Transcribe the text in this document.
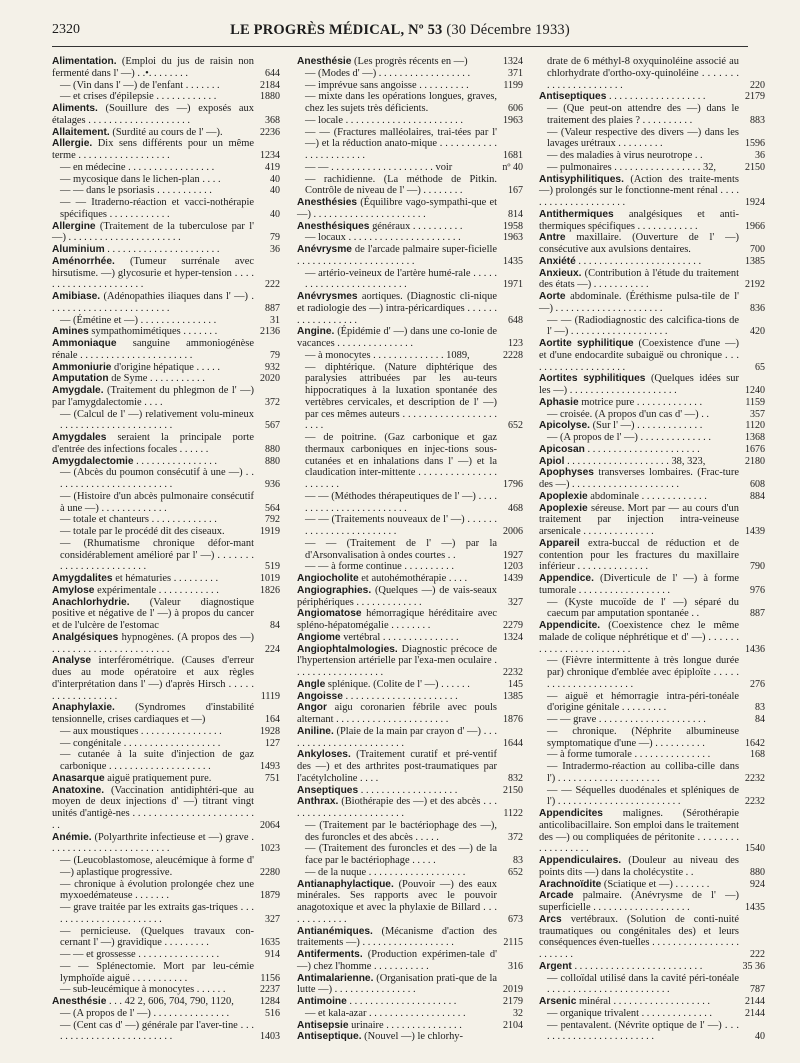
2320	LE PROGRÈS MÉDICAL, Nº 53 (30 Décembre 1933)
Alimentation. (Emploi du jus de raisin non fermenté dans l' —) . .•. . . . . . . .	644
— (Vin dans l' —) de l'enfant . . . . . . .	2184
— et crises d'épilepsie . . . . . . . . . . . .	1880
Aliments. (Souillure des —) exposés aux étalages . . . . . . . . . . . . . . . . . . . .	368
Allaitement. (Surdité au cours de l' —).	2236
Allergie. Dix sens différents pour un même terme . . . . . . . . . . . . . . . . . .	1234
— en médecine . . . . . . . . . . . . . . . . .	419
— mycosique dans le lichen-plan . . . .	40
— — dans le psoriasis . . . . . . . . . . .	40
— — Itraderno-réaction et vacci-nothérapie spécifiques . . . . . . . . . . . .	40
Allergine (Traitement de la tuberculose par l' —) . . . . . . . . . . . . . . . . . . . . . .	79
Aluminium . . . . . . . . . . . . . . . . . . . . . .	36
Aménorrhée. (Tumeur surrénale avec hirsutisme. —) glycosurie et hyper-tension . . . . . . . . . . . . . . . . . . . . . .	222
Amibiase. (Adénopathies iliaques dans l' —) . . . . . . . . . . . . . . . . . . . . . . . .	887
— (Émétine et —) . . . . . . . . . . . . . . .	31
Amines sympathomimétiques . . . . . . .	2136
Ammoniaque sanguine ammoniogénèse rénale . . . . . . . . . . . . . . . . . . . . . .	79
Ammoniurie d'origine hépatique . . . . .	932
Amputation de Syme . . . . . . . . . . .	2020
Amygdale. (Traitement du phlegmon de l' —) par l'amygdalectomie . . . .	372
— (Calcul de l' —) relativement volu-mineux . . . . . . . . . . . . . . . . . . . . . .	567
Amygdales seraient la principale porte d'entrée des infections focales . . . . . .	880
Amygdalectomie . . . . . . . . . . . . . . . .	880
— (Abcès du poumon consécutif à une —) . . . . . . . . . . . . . . . . . . . . . . . .	936
— (Histoire d'un abcès pulmonaire consécutif à une —) . . . . . . . . . . . . .	564
— totale et chanteurs . . . . . . . . . . . . .	792
— totale par le procédé dit des ciseaux.	1919
— (Rhumatisme chronique défor-mant considérablement amélioré par l' —) . . . . . . . . . . . . . . . . . . . . . . . .	519
Amygdalites et hématuries . . . . . . . . .	1019
Amylose expérimentale . . . . . . . . . . . .	1826
Anachlorhydrie. (Valeur diagnostique positive et négative de l' —) à propos du cancer et de l'ulcère de l'estomac	84
Analgésiques hypnogènes. (A propos des —) . . . . . . . . . . . . . . . . . . . . . . .	224
Analyse interférométrique. (Causes d'erreur dues au mode opératoire et aux règles d'interprétation dans l' —) d'après Hirsch . . . . . . . . . . . . . . . . . .	1119
Anaphylaxie. (Syndromes d'instabilité tensionnelle, crises cardiaques et —)	164
— aux moustiques . . . . . . . . . . . . . . . .	1928
— congénitale . . . . . . . . . . . . . . . . . . .	127
— cutanée à la suite d'injection de gaz carbonique . . . . . . . . . . . . . . . . . . . .	1493
Anasarque aiguë pratiquement pure.	751
Anatoxine. (Vaccination antidiphtéri-que au moyen de deux injections d' —) titrant vingt unités d'antigè-nes . . . . . . . . . . . . . . . . . . . . . . . . .	2064
Anémie. (Polyarthrite infectieuse et —) grave . . . . . . . . . . . . . . . . . . . . . . . .	1023
— (Leucoblastomose, aleucémique à forme d' —) aplastique progressive.	2280
— chronique à évolution prolongée chez une myxoedémateuse . . . . . . .	1879
— grave traitée par les extraits gas-triques . . . . . . . . . . . . . . . . . . . . . . .	327
— pernicieuse. (Quelques travaux con-cernant l' —) gravidique . . . . . . . . .	1635
— — et grossesse . . . . . . . . . . . . . . . .	914
— — Splénectomie. Mort par leu-cémie lymphoïde aiguë . . . . . . . . . . .	1156
— sub-leucémique à monocytes . . . . . .	2237
Anesthésie . . . 42 2, 606, 704, 790, 1120,	1284
— (A propos de l' —) . . . . . . . . . . . . . . .	516
— (Cent cas d' —) générale par l'aver-tine . . . . . . . . . . . . . . . . . . . . . . . . .	1403
Anesthésie (Les progrès récents en —)	1324
— (Modes d' —) . . . . . . . . . . . . . . . . . .	371
— imprévue sans angoisse . . . . . . . . . .	1199
— mixte dans les opérations longues, graves, chez les sujets très déficients.	606
— locale . . . . . . . . . . . . . . . . . . . . . . .	1963
— — (Fractures malléolaires, trai-tées par l' —) et la réduction anato-mique . . . . . . . . . . . . . . . . . . . . . . .	1681
— — . . . . . . . . . . . . . . . . . . . . voir	nº 40
— rachidienne. (La méthode de Pitkin. Contrôle de niveau de l' —) . . . . . . . .	167
Anesthésies (Équilibre vago-sympathi-que et —) . . . . . . . . . . . . . . . . . . . . . .	814
Anesthésiques généraux . . . . . . . . . .	1958
— locaux . . . . . . . . . . . . . . . . . . . . . .	1963
Anévrysme de l'arcade palmaire super-ficielle . . . . . . . . . . . . . . . . . . . . . . .	1435
— artério-veineux de l'artère humé-rale . . . . . . . . . . . . . . . . . . . . . . . . .	1971
Anévrysmes aortiques. (Diagnostic cli-nique et radiologie des —) intra-péricardiques . . . . . . . . . . . . . . . . . .	648
Angine. (Épidémie d' —) dans une co-lonie de vacances . . . . . . . . . . . . . . .	123
— à monocytes . . . . . . . . . . . . . . 1089,	2228
— diphtérique. (Nature diphtérique des paralysies attribuées par les au-teurs hippocratiques à la luxation spontanée des vertèbres cervicales, et description de l' —) par ces mêmes auteurs . . . . . . . . . . . . . . . . . . . . . .	652
— de poitrine. (Gaz carbonique et gaz thermaux carboniques en injec-tions sous-cutanées et en inhalations dans l' —) et la claudication inter-mittente . . . . . . . . . . . . . . . . . . . . . .	1796
— — (Méthodes thérapeutiques de l' —) . . . . . . . . . . . . . . . . . . . . . . . .	468
— — (Traitements nouveaux de l' —) . . . . . . . . . . . . . . . . . . . . . . . .	2006
— — (Traitement de l' —) par la d'Arsonvalisation à ondes courtes . .	1927
— — à forme continue . . . . . . . . . .	1203
Angiocholite et autohémothérapie . . . .	1439
Angiographies. (Quelques —) de vais-seaux périphériques . . . . . . . . . . . . .	327
Angiomatose hémorragique héréditaire avec spléno-hépatomégalie . . . . . . . .	2279
Angiome vertébral . . . . . . . . . . . . . . .	1324
Angiophtalmologies. Diagnostic précoce de l'hypertension artérielle par l'exa-men oculaire . . . . . . . . . . . . . . . . . .	2232
Angle splénique. (Colite de l' —) . . . . . .	145
Angoisse . . . . . . . . . . . . . . . . . . . . . .	1385
Angor aigu coronarien fébrile avec pouls alternant . . . . . . . . . . . . . . . . . . . . . .	1876
Aniline. (Plaie de la main par crayon d' —) . . . . . . . . . . . . . . . . . . . . . . . .	1644
Ankyloses. (Traitement curatif et pré-ventif des —) et des arthrites post-traumatiques par l'acétylcholine . . . .	832
Anseptiques . . . . . . . . . . . . . . . . . . .	2150
Anthrax. (Biothérapie des —) et des abcès . . . . . . . . . . . . . . . . . . . . . . . .	1122
— (Traitement par le bactériophage des —), des furoncles et des abcès . . . . .	372
— (Traitement des furoncles et des —) de la face par le bactériophage . . . . .	83
— de la nuque . . . . . . . . . . . . . . . . . . .	652
Antianaphylactique. (Pouvoir —) des eaux minérales. Ses rapports avec le pouvoir anagotoxique et avec la phylaxie de Billard . . . . . . . . . . . . .	673
Antianémiques. (Mécanisme d'action des traitements —) . . . . . . . . . . . . . . . . . .	2115
Antiferments. (Production expérimen-tale d' —) chez l'homme . . . . . . . . . . .	316
Antimalarienne. (Organisation prati-que de la lutte —) . . . . . . . . . . . . . . . .	2019
Antimoine . . . . . . . . . . . . . . . . . . . . .	2179
— et kala-azar . . . . . . . . . . . . . . . . . . .	32
Antisepsie urinaire . . . . . . . . . . . . . . .	2104
Antiseptique. (Nouvel —) le chlorhy-
drate de 6 méthyl-8 oxyquinoléine associé au chlorhydrate d'ortho-oxy-quinoléine . . . . . . . . . . . . . . . . . . . . . .	220
Antiseptiques . . . . . . . . . . . . . . . . . . .	2179
— (Que peut-on attendre des —) dans le traitement des plaies ? . . . . . . . . . .	883
— (Valeur respective des divers —) dans les lavages urétraux . . . . . . . . .	1596
— des maladies à virus neurotrope . .	36
— pulmonaires . . . . . . . . . . . . . . . . . 32,	2150
Antisyphilitiques. (Action des traite-ments —) prolongés sur le fonctionne-ment rénal . . . . . . . . . . . . . . . . . . . . .	1924
Antithermiques analgésiques et anti-thermiques spécifiques . . . . . . . . . . . .	1966
Antre maxillaire. (Ouverture de l' —) consécutive aux avulsions dentaires.	700
Anxiété . . . . . . . . . . . . . . . . . . . . . . . .	1385
Anxieux. (Contribution à l'étude du traitement des états —) . . . . . . . . . . .	2192
Aorte abdominale. (Éréthisme pulsa-tile de l' —) . . . . . . . . . . . . . . . . . . . . .	836
— — (Radiodiagnostic des calcifica-tions de l' —) . . . . . . . . . . . . . . . . . . .	420
Aortite syphilitique (Coexistence d'une —) et d'une endocardite subaiguë ou chronique . . . . . . . . . . . . . . . . . . . .	65
Aortites syphilitiques (Quelques idées sur les —) . . . . . . . . . . . . . . . . . . . . .	1240
Aphasie motrice pure . . . . . . . . . . . . .	1159
— croisée. (A propos d'un cas d' —) . .	357
Apicolyse. (Sur l' —) . . . . . . . . . . . . .	1120
— (A propos de l' —) . . . . . . . . . . . . . .	1368
Apicosan . . . . . . . . . . . . . . . . . . . . . .	1676
Apiol . . . . . . . . . . . . . . . . . . . . 38, 323,	2180
Apophyses transverses lombaires. (Frac-ture des —) . . . . . . . . . . . . . . . . . . . . .	608
Apoplexie abdominale . . . . . . . . . . . . .	884
Apoplexie séreuse. Mort par — au cours d'un traitement par injection intra-veineuse arsenicale . . . . . . . . . . . . . .	1439
Appareil extra-buccal de réduction et de contention pour les fractures du maxillaire inférieur . . . . . . . . . . . . . .	790
Appendice. (Diverticule de l' —) à forme tumorale . . . . . . . . . . . . . . . . . .	976
— (Kyste mucoïde de l' —) séparé du caecum par amputation spontanée . .	887
Appendicite. (Coexistence chez le même malade de colique néphrétique et d' —) . . . . . . . . . . . . . . . . . . . . . . . .	1436
— (Fièvre intermittente à très longue durée par) chronique d'emblée avec épiploïte . . . . . . . . . . . . . . . . . . . . . .	276
— aiguë et hémorragie intra-péri-tonéale d'origine génitale . . . . . . . . .	83
— — grave . . . . . . . . . . . . . . . . . . . . .	84
— chronique. (Néphrite albumineuse symptomatique d'une —) . . . . . . . . . .	1642
— à forme tumorale . . . . . . . . . . . . . . .	168
— Intradermo-réaction au colliba-cille dans l') . . . . . . . . . . . . . . . . . . . .	2232
— — Séquelles duodénales et spléniques de l') . . . . . . . . . . . . . . . . . . . . . . . .	2232
Appendicites malignes. (Sérothérapie anticolibacillaire. Son emploi dans le traitement des —) ou compliquées de péritonite . . . . . . . . . . . . . . . . . .	1540
Appendiculaires. (Douleur au niveau des points dits —) dans la cholécystite . .	880
Arachnoïdite (Sciatique et —) . . . . . . .	924
Arcade palmaire. (Anévrysme de l' —) superficielle . . . . . . . . . . . . . . . . . . .	1435
Arcs vertébraux. (Solution de conti-nuité traumatiques ou congénitales des) et leurs conséquences éven-tuelles . . . . . . . . . . . . . . . . . . . . . . . .	222
Argent . . . . . . . . . . . . . . . . . . . . . . . . .	35 36
— colloïdal utilisé dans la cavité péri-tonéale . . . . . . . . . . . . . . . . . . . . . . . .	787
Arsenic minéral . . . . . . . . . . . . . . . . . . .	2144
— organique trivalent . . . . . . . . . . . . . .	2144
— pentavalent. (Névrite optique de l' —) . . . . . . . . . . . . . . . . . . . . . . . .	40
